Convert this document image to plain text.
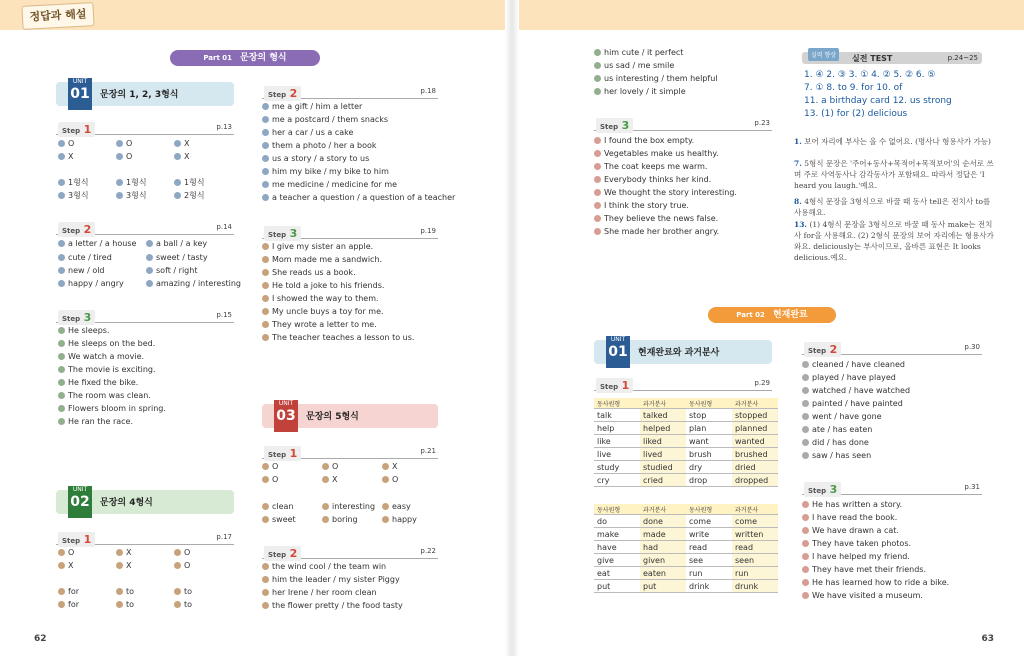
정답과 해설
Part 01 문장의 형식
UNIT
01 문장의 1, 2, 3형식
Step 1	p.13
O	O	X
X	O	X
1형식	1형식	1형식
3형식	3형식	2형식
Step 2	p.14
a letter / a house	a ball / a key
cute / tired	sweet / tasty
new / old	soft / right
happy / angry	amazing / interesting
Step 3	p.15
He sleeps.
He sleeps on the bed.
We watch a movie.
The movie is exciting.
He fixed the bike.
The room was clean.
Flowers bloom in spring.
He ran the race.
Step 2	p.18
me a gift / him a letter
me a postcard / them snacks
her a car / us a cake
them a photo / her a book
us a story / a story to us
him my bike / my bike to him
me medicine / medicine for me
a teacher a question / a question of a teacher
Step 3	p.19
I give my sister an apple.
Mom made me a sandwich.
She reads us a book.
He told a joke to his friends.
I showed the way to them.
My uncle buys a toy for me.
They wrote a letter to me.
The teacher teaches a lesson to us.
UNIT
03 문장의 5형식
Step 1	p.21
O	O	X
O	X	O
clean	interesting	easy
sweet	boring	happy
Step 2	p.22
the wind cool / the team win
him the leader / my sister Piggy
her Irene / her room clean
the flower pretty / the food tasty
UNIT
02 문장의 4형식
Step 1	p.17
O	X	O
X	X	O
for	to	to
for	to	to
62
him cute / it perfect
us sad / me smile
us interesting / them helpful
her lovely / it simple
Step 3	p.23
I found the box empty.
Vegetables make us healthy.
The coat keeps me warm.
Everybody thinks her kind.
We thought the story interesting.
I think the story true.
They believe the news false.
She made her brother angry.
실력 향상	실전 TEST	p.24~25
1. ④ 2. ③ 3. ① 4. ② 5. ② 6. ⑤
7. ① 8. to 9. for 10. of
11. a birthday card 12. us strong
13. (1) for (2) delicious
1. 보어 자리에 부사는 올 수 없어요. (명사나 형용사가 가능)
7. 5형식 문장은 '주어+동사+목적어+목적보어'의 순서로 쓰며 주로 사역동사나 감각동사가 포함돼요. 따라서 정답은 'I heard you laugh.'예요.
8. 4형식 문장을 3형식으로 바꿀 때 동사 tell은 전치사 to를 사용해요.
13. (1) 4형식 문장을 3형식으로 바꿀 때 동사 make는 전치사 for을 사용해요. (2) 2형식 문장의 보어 자리에는 형용사가 와요. deliciously는 부사이므로, 올바른 표현은 It looks delicious.예요.
Part 02 현재완료
UNIT
01 현재완료와 과거분사
Step 1	p.29
동사원형	과거분사	동사원형	과거분사
talk	talked	stop	stopped
help	helped	plan	planned
like	liked	want	wanted
live	lived	brush	brushed
study	studied	dry	dried
cry	cried	drop	dropped
동사원형	과거분사	동사원형	과거분사
do	done	come	come
make	made	write	written
have	had	read	read
give	given	see	seen
eat	eaten	run	run
put	put	drink	drunk
Step 2	p.30
cleaned / have cleaned
played / have played
watched / have watched
painted / have painted
went / have gone
ate / has eaten
did / has done
saw / has seen
Step 3	p.31
He has written a story.
I have read the book.
We have drawn a cat.
They have taken photos.
I have helped my friend.
They have met their friends.
He has learned how to ride a bike.
We have visited a museum.
63
